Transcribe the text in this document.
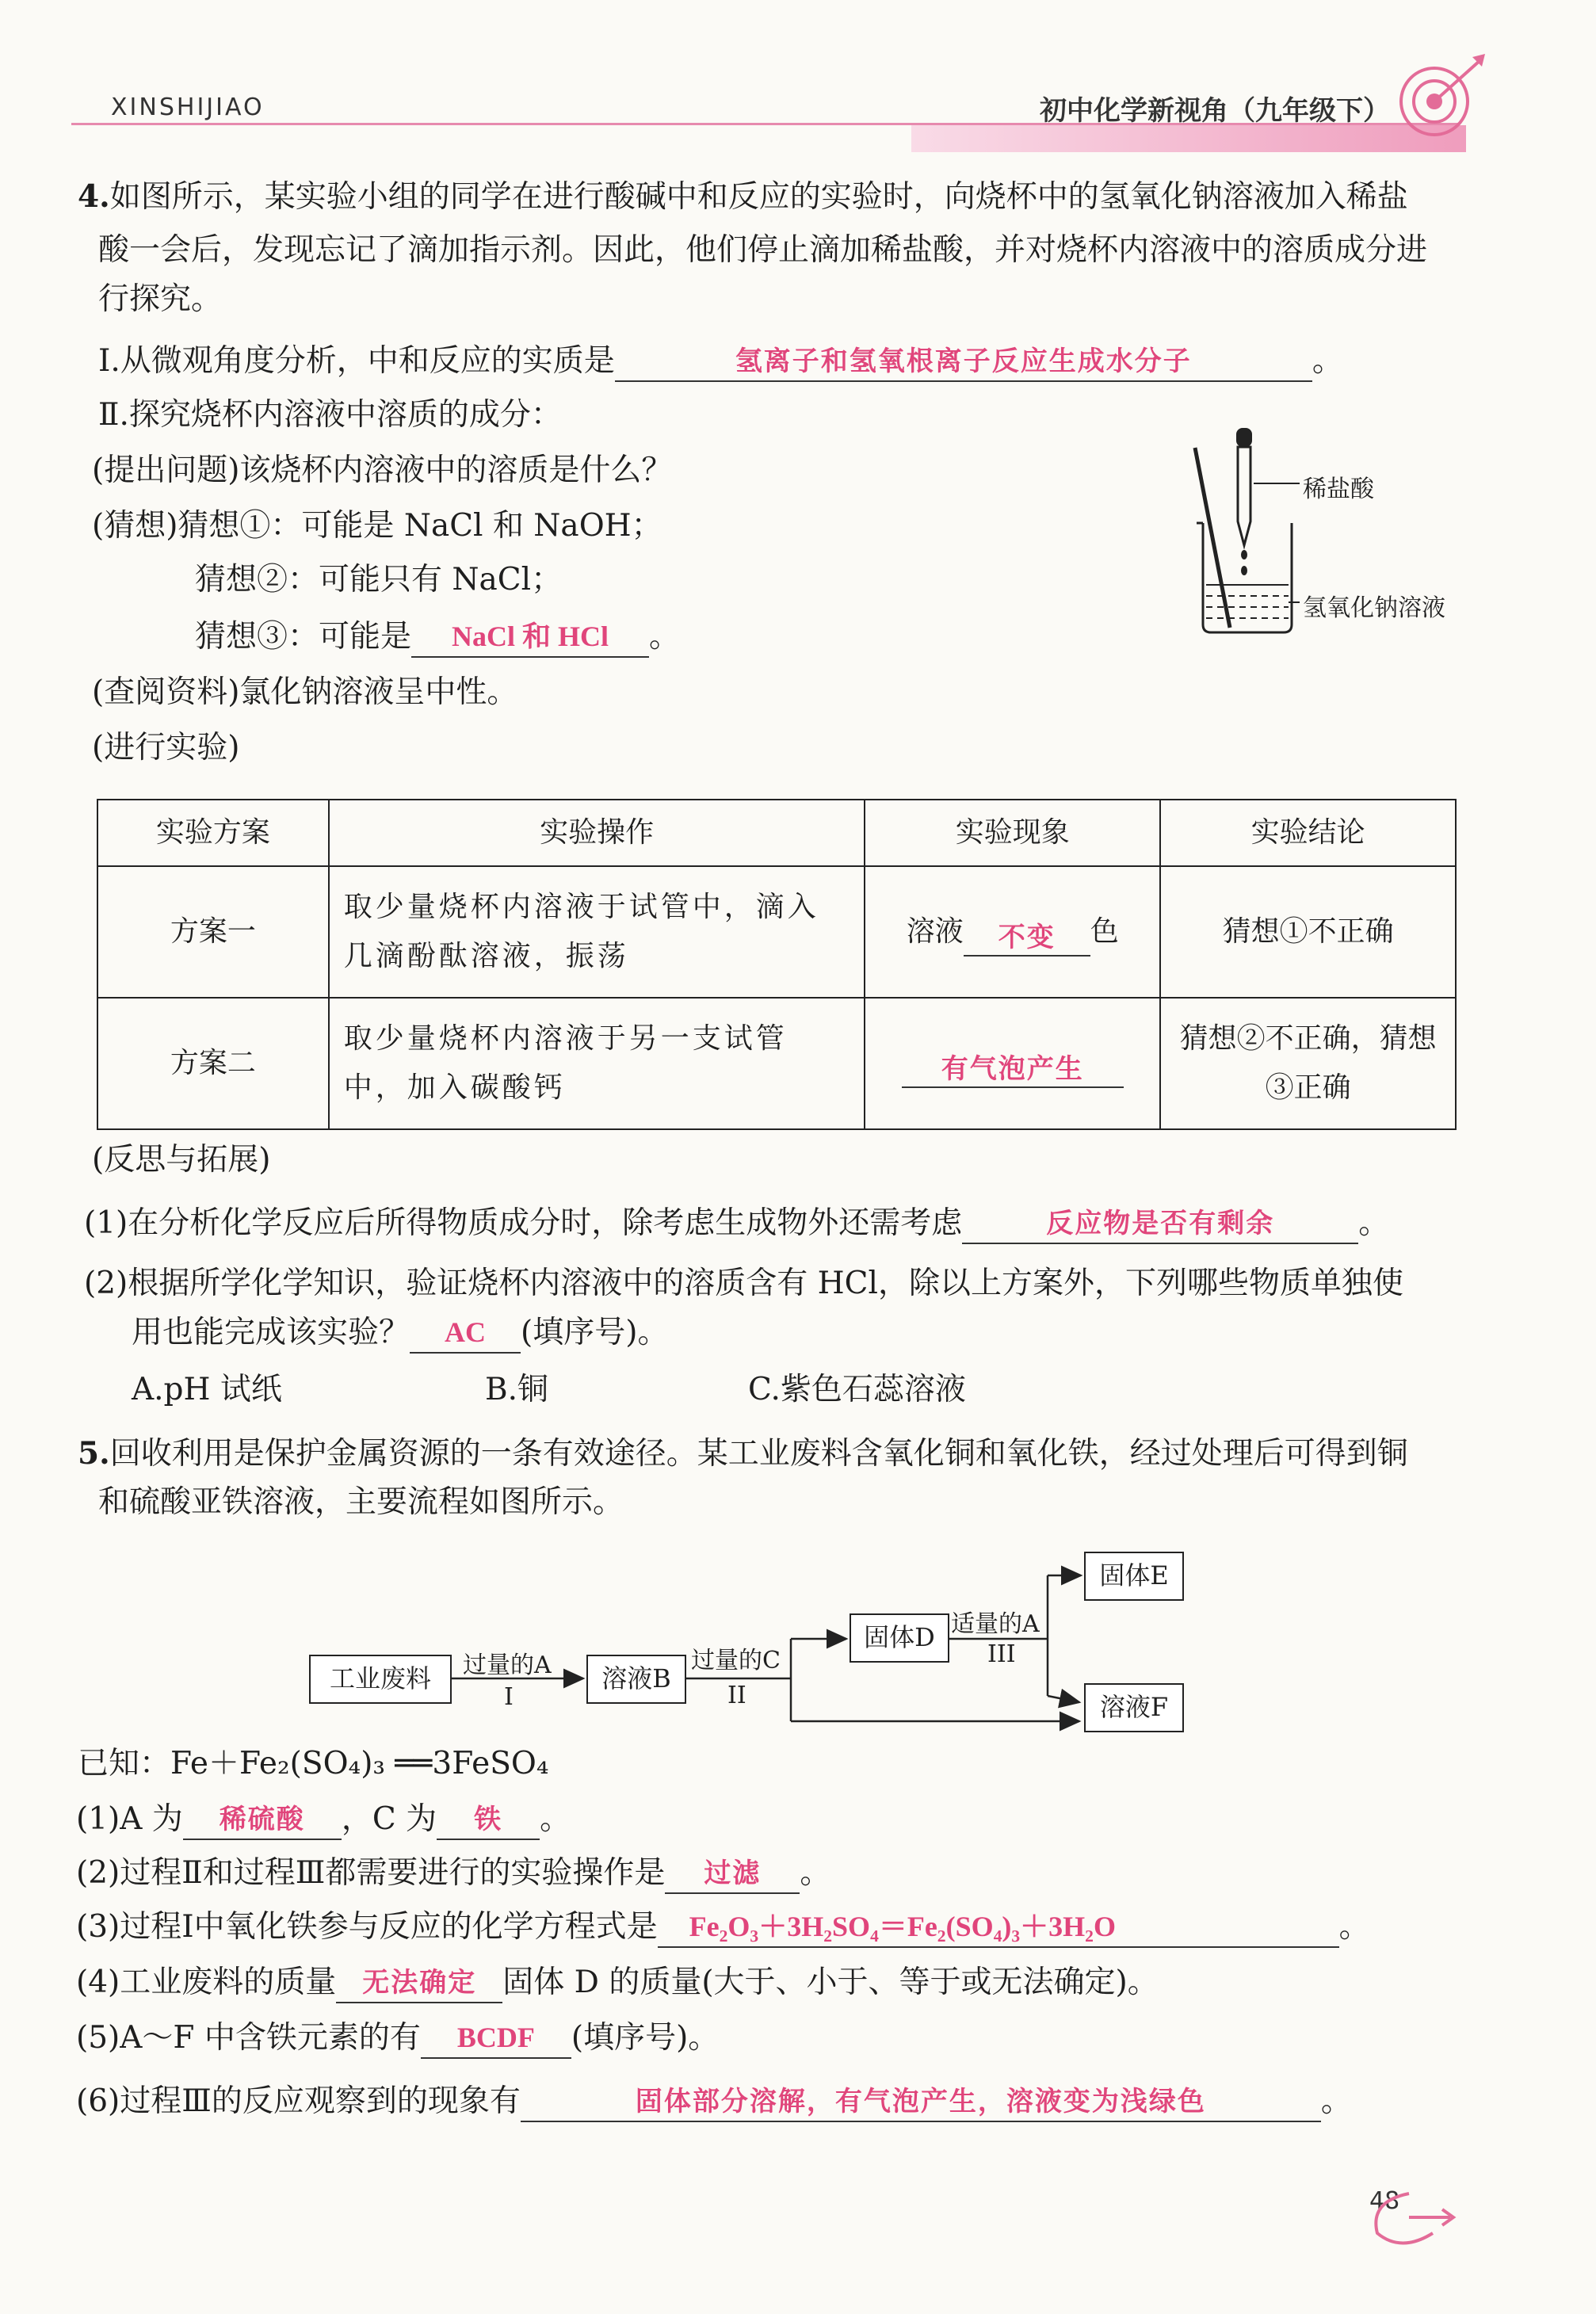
XINSHIJIAO	初中化学新视角（九年级下）
4.如图所示，某实验小组的同学在进行酸碱中和反应的实验时，向烧杯中的氢氧化钠溶液加入稀盐
酸一会后，发现忘记了滴加指示剂。因此，他们停止滴加稀盐酸，并对烧杯内溶液中的溶质成分进
行探究。
Ⅰ.从微观角度分析，中和反应的实质是	氢离子和氢氧根离子反应生成水分子	。
Ⅱ.探究烧杯内溶液中溶质的成分：
(提出问题)该烧杯内溶液中的溶质是什么？
(猜想)猜想①：可能是 NaCl 和 NaOH；
猜想②：可能只有 NaCl；
猜想③：可能是 NaCl 和 HCl 。
(查阅资料)氯化钠溶液呈中性。
(进行实验)
稀盐酸
氢氧化钠溶液
实验方案	实验操作	实验现象	实验结论
方案一	取少量烧杯内溶液于试管中，滴入几滴酚酞溶液，振荡	溶液 不变 色	猜想①不正确
方案二	取少量烧杯内溶液于另一支试管中，加入碳酸钙	有气泡产生	猜想②不正确，猜想③正确
(反思与拓展)
(1)在分析化学反应后所得物质成分时，除考虑生成物外还需考虑	反应物是否有剩余	。
(2)根据所学化学知识，验证烧杯内溶液中的溶质含有 HCl，除以上方案外，下列哪些物质单独使
用也能完成该实验？ AC (填序号)。
A.pH 试纸	B.铜	C.紫色石蕊溶液
5.回收利用是保护金属资源的一条有效途径。某工业废料含氧化铜和氧化铁，经过处理后可得到铜
和硫酸亚铁溶液，主要流程如图所示。
工业废料	溶液B
固体D
固体E
溶液F
过量的A
I
过量的C
II
适量的A
III
已知：Fe＋Fe₂(SO₄)₃ ══3FeSO₄
(1)A 为 稀硫酸 ，C 为 铁 。
(2)过程Ⅱ和过程Ⅲ都需要进行的实验操作是 过滤 。
(3)过程Ⅰ中氧化铁参与反应的化学方程式是 Fe₂O₃＋3H₂SO₄＝Fe₂(SO₄)₃＋3H₂O	。
(4)工业废料的质量 无法确定 固体 D 的质量(大于、小于、等于或无法确定)。
(5)A～F 中含铁元素的有 BCDF (填序号)。
(6)过程Ⅲ的反应观察到的现象有	固体部分溶解，有气泡产生，溶液变为浅绿色	。
48
